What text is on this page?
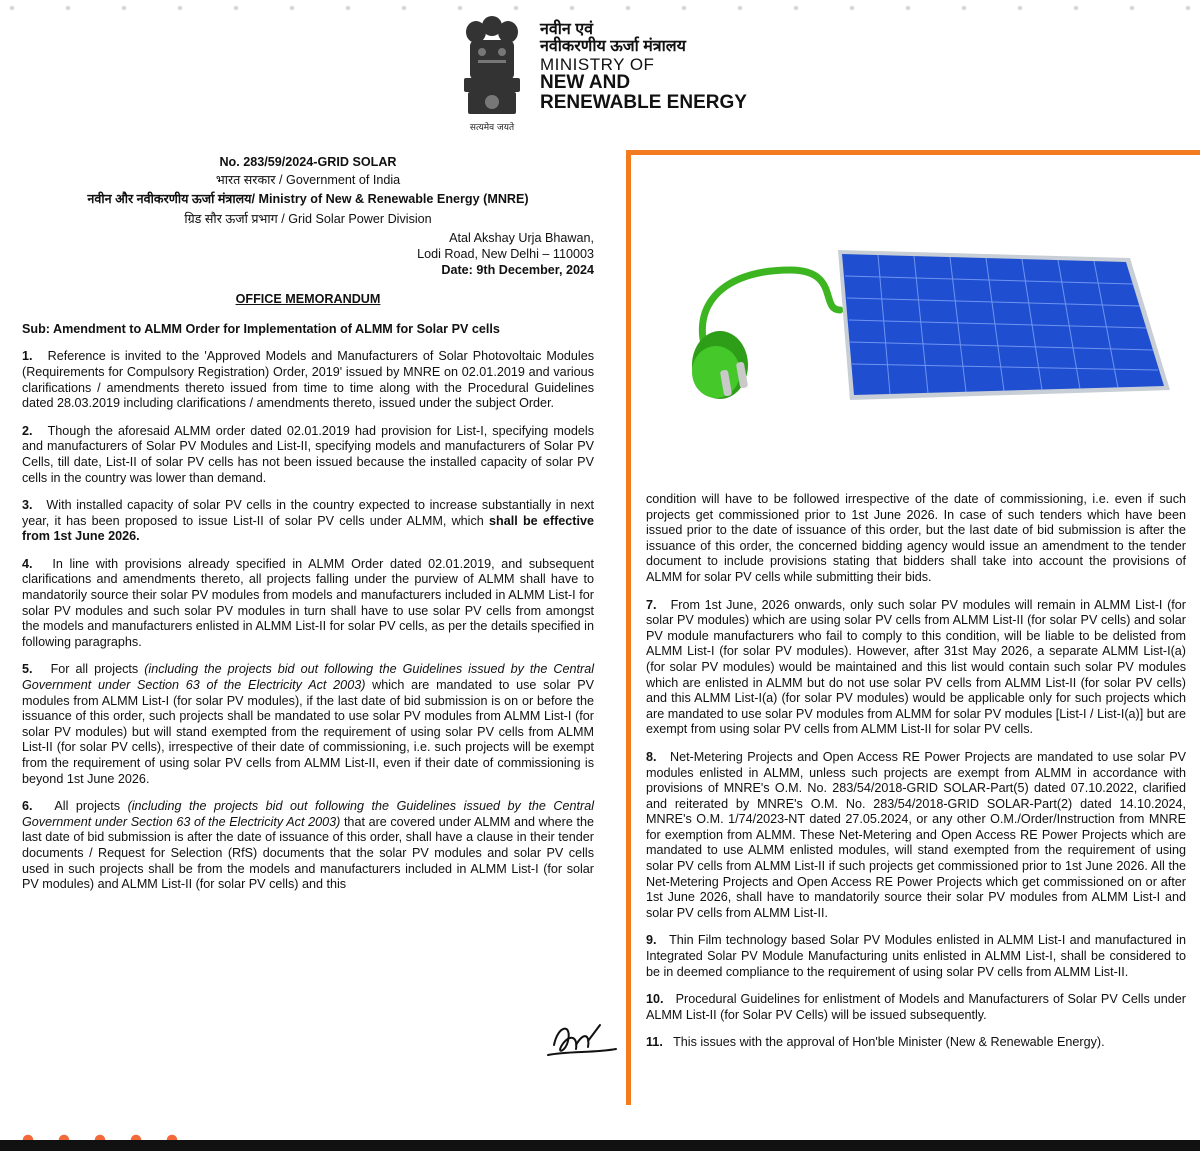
सत्यमेव जयते
नवीन एवं
नवीकरणीय ऊर्जा मंत्रालय
MINISTRY OF
NEW AND
RENEWABLE ENERGY
No. 283/59/2024-GRID SOLAR
भारत सरकार / Government of India
नवीन और नवीकरणीय ऊर्जा मंत्रालय/ Ministry of New & Renewable Energy (MNRE)
ग्रिड सौर ऊर्जा प्रभाग / Grid Solar Power Division
Atal Akshay Urja Bhawan,
Lodi Road, New Delhi – 110003
Date: 9th December, 2024
OFFICE MEMORANDUM
Sub: Amendment to ALMM Order for Implementation of ALMM for Solar PV cells

1. Reference is invited to the 'Approved Models and Manufacturers of Solar Photovoltaic Modules (Requirements for Compulsory Registration) Order, 2019' issued by MNRE on 02.01.2019 and various clarifications / amendments thereto issued from time to time along with the Procedural Guidelines dated 28.03.2019 including clarifications / amendments thereto, issued under the subject Order.

2. Though the aforesaid ALMM order dated 02.01.2019 had provision for List-I, specifying models and manufacturers of Solar PV Modules and List-II, specifying models and manufacturers of Solar PV Cells, till date, List-II of solar PV cells has not been issued because the installed capacity of solar PV cells in the country was lower than demand.

3. With installed capacity of solar PV cells in the country expected to increase substantially in next year, it has been proposed to issue List-II of solar PV cells under ALMM, which shall be effective from 1st June 2026.

4. In line with provisions already specified in ALMM Order dated 02.01.2019, and subsequent clarifications and amendments thereto, all projects falling under the purview of ALMM shall have to mandatorily source their solar PV modules from models and manufacturers included in ALMM List-I for solar PV modules and such solar PV modules in turn shall have to use solar PV cells from amongst the models and manufacturers enlisted in ALMM List-II for solar PV cells, as per the details specified in following paragraphs.

5. For all projects (including the projects bid out following the Guidelines issued by the Central Government under Section 63 of the Electricity Act 2003) which are mandated to use solar PV modules from ALMM List-I (for solar PV modules), if the last date of bid submission is on or before the issuance of this order, such projects shall be mandated to use solar PV modules from ALMM List-I (for solar PV modules) but will stand exempted from the requirement of using solar PV cells from ALMM List-II (for solar PV cells), irrespective of their date of commissioning, i.e. such projects will be exempt from the requirement of using solar PV cells from ALMM List-II, even if their date of commissioning is beyond 1st June 2026.

6. All projects (including the projects bid out following the Guidelines issued by the Central Government under Section 63 of the Electricity Act 2003) that are covered under ALMM and where the last date of bid submission is after the date of issuance of this order, shall have a clause in their tender documents / Request for Selection (RfS) documents that the solar PV modules and solar PV cells used in such projects shall be from the models and manufacturers included in ALMM List-I (for solar PV modules) and ALMM List-II (for solar PV cells) and this

condition will have to be followed irrespective of the date of commissioning, i.e. even if such projects get commissioned prior to 1st June 2026. In case of such tenders which have been issued prior to the date of issuance of this order, but the last date of bid submission is after the issuance of this order, the concerned bidding agency would issue an amendment to the tender document to include provisions stating that bidders shall take into account the provisions of ALMM for solar PV cells while submitting their bids.

7. From 1st June, 2026 onwards, only such solar PV modules will remain in ALMM List-I (for solar PV modules) which are using solar PV cells from ALMM List-II (for solar PV cells) and solar PV module manufacturers who fail to comply to this condition, will be liable to be delisted from ALMM List-I (for solar PV modules). However, after 31st May 2026, a separate ALMM List-I(a) (for solar PV modules) would be maintained and this list would contain such solar PV modules which are enlisted in ALMM but do not use solar PV cells from ALMM List-II (for solar PV cells) and this ALMM List-I(a) (for solar PV modules) would be applicable only for such projects which are mandated to use solar PV modules from ALMM for solar PV modules [List-I / List-I(a)] but are exempt from using solar PV cells from ALMM List-II for solar PV cells.

8. Net-Metering Projects and Open Access RE Power Projects are mandated to use solar PV modules enlisted in ALMM, unless such projects are exempt from ALMM in accordance with provisions of MNRE's O.M. No. 283/54/2018-GRID SOLAR-Part(5) dated 07.10.2022, clarified and reiterated by MNRE's O.M. No. 283/54/2018-GRID SOLAR-Part(2) dated 14.10.2024, MNRE's O.M. 1/74/2023-NT dated 27.05.2024, or any other O.M./Order/Instruction from MNRE for exemption from ALMM. These Net-Metering and Open Access RE Power Projects which are mandated to use ALMM enlisted modules, will stand exempted from the requirement of using solar PV cells from ALMM List-II if such projects get commissioned prior to 1st June 2026. All the Net-Metering Projects and Open Access RE Power Projects which get commissioned on or after 1st June 2026, shall have to mandatorily source their solar PV modules from ALMM List-I and solar PV cells from ALMM List-II.

9. Thin Film technology based Solar PV Modules enlisted in ALMM List-I and manufactured in Integrated Solar PV Module Manufacturing units enlisted in ALMM List-I, shall be considered to be in deemed compliance to the requirement of using solar PV cells from ALMM List-II.

10. Procedural Guidelines for enlistment of Models and Manufacturers of Solar PV Cells under ALMM List-II (for Solar PV Cells) will be issued subsequently.

11. This issues with the approval of Hon'ble Minister (New & Renewable Energy).
